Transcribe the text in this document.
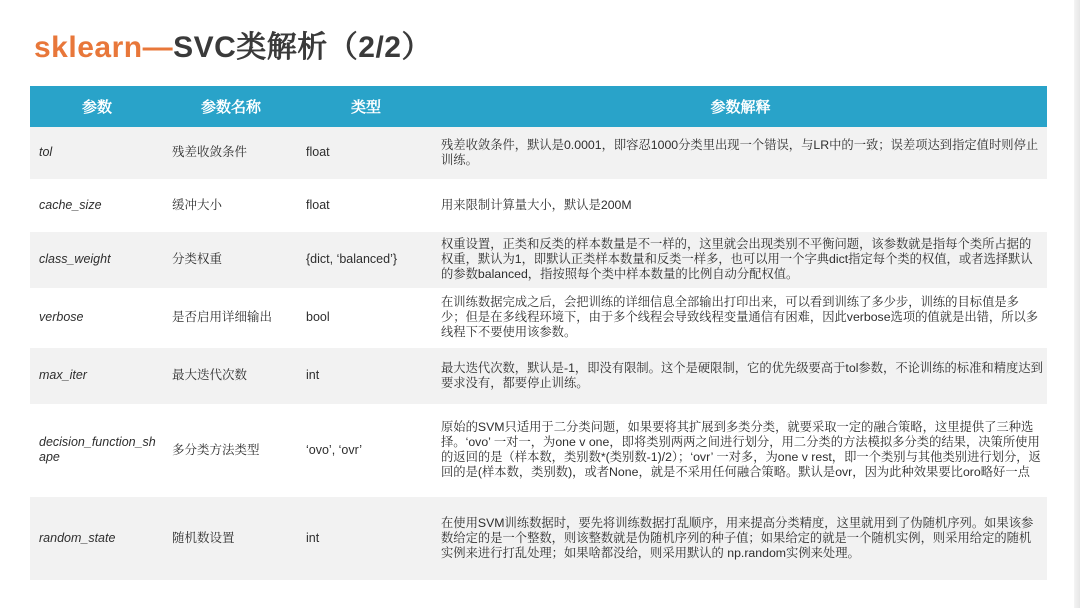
sklearn—SVC类解析（2/2）
参数	参数名称	类型	参数解释
tol	残差收敛条件	float	残差收敛条件，默认是0.0001，即容忍1000分类里出现一个错误，与LR中的一致；误差项达到指定值时则停止训练。
cache_size	缓冲大小	float	用来限制计算量大小，默认是200M
class_weight	分类权重	{dict, ‘balanced’}	权重设置，正类和反类的样本数量是不一样的，这里就会出现类别不平衡问题，该参数就是指每个类所占据的权重，默认为1，即默认正类样本数量和反类一样多，也可以用一个字典dict指定每个类的权值，或者选择默认的参数balanced，指按照每个类中样本数量的比例自动分配权值。
verbose	是否启用详细输出	bool	在训练数据完成之后，会把训练的详细信息全部输出打印出来，可以看到训练了多少步，训练的目标值是多少；但是在多线程环境下，由于多个线程会导致线程变量通信有困难，因此verbose选项的值就是出错，所以多线程下不要使用该参数。
max_iter	最大迭代次数	int	最大迭代次数，默认是-1，即没有限制。这个是硬限制，它的优先级要高于tol参数，不论训练的标准和精度达到要求没有，都要停止训练。
decision_function_shape	多分类方法类型	‘ovo’, ‘ovr’	原始的SVM只适用于二分类问题，如果要将其扩展到多类分类，就要采取一定的融合策略，这里提供了三种选择。‘ovo’ 一对一，为one v one，即将类别两两之间进行划分，用二分类的方法模拟多分类的结果，决策所使用的返回的是（样本数，类别数*(类别数-1)/2）；‘ovr’ 一对多，为one v rest，即一个类别与其他类别进行划分，返回的是(样本数，类别数)，或者None，就是不采用任何融合策略。默认是ovr，因为此种效果要比oro略好一点
random_state	随机数设置	int	在使用SVM训练数据时，要先将训练数据打乱顺序，用来提高分类精度，这里就用到了伪随机序列。如果该参数给定的是一个整数，则该整数就是伪随机序列的种子值；如果给定的就是一个随机实例，则采用给定的随机实例来进行打乱处理；如果啥都没给，则采用默认的 np.random实例来处理。
